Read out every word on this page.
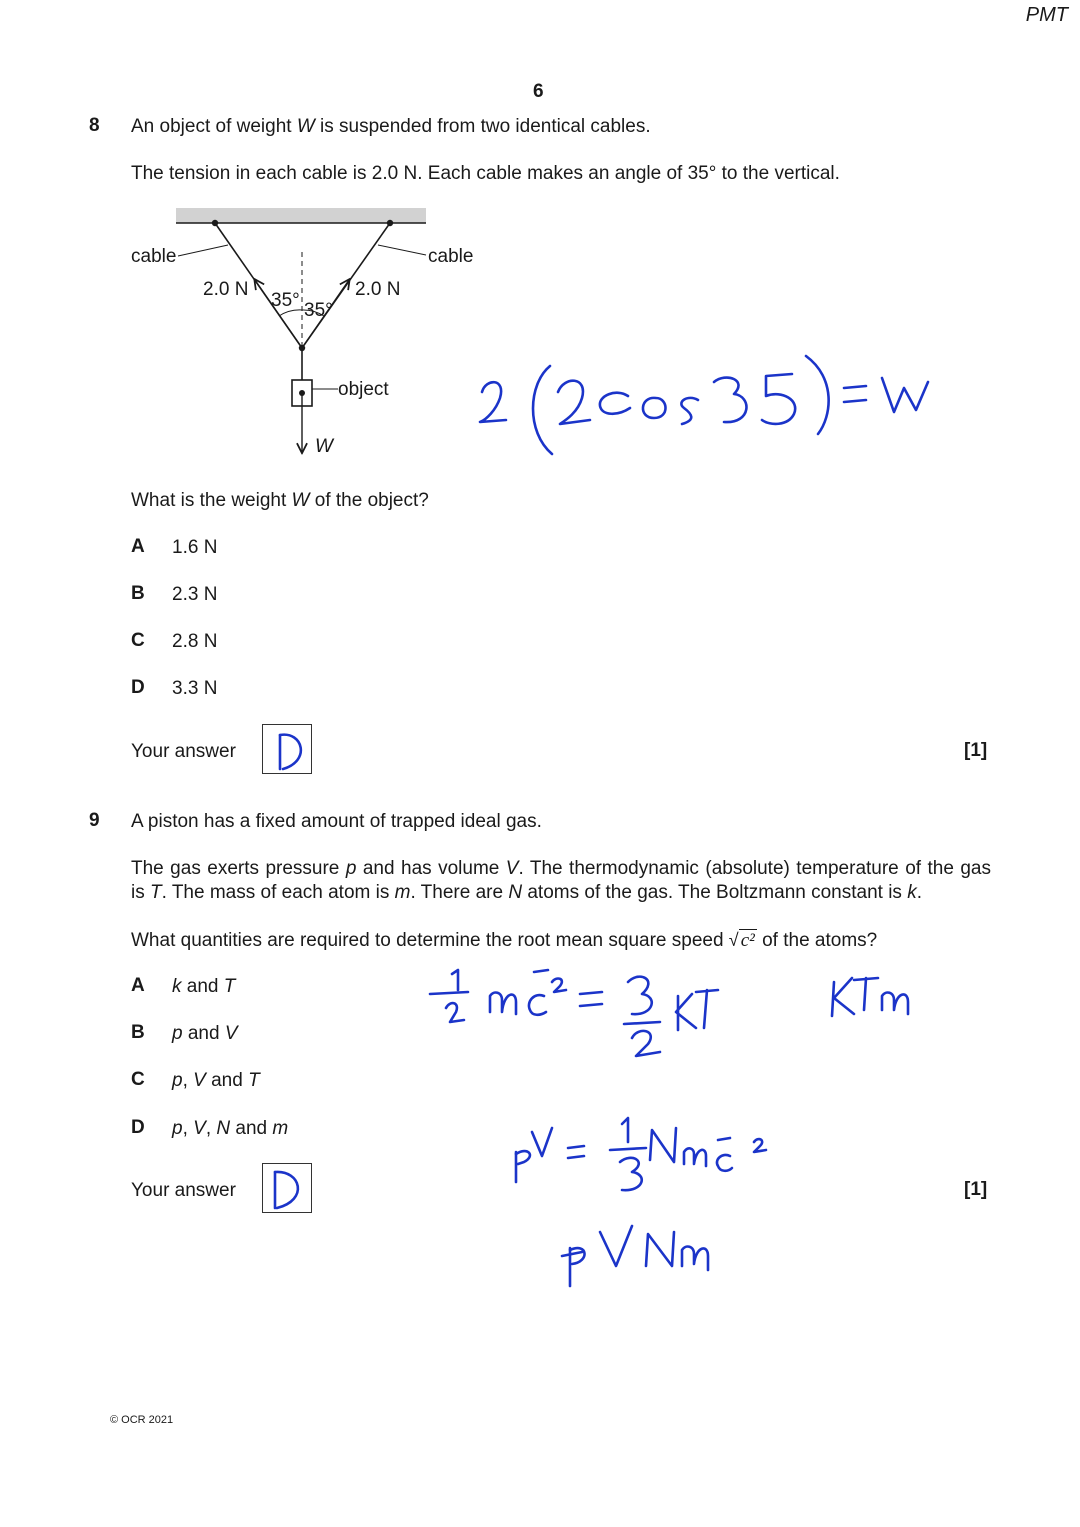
PMT
6
8 An object of weight W is suspended from two identical cables.
The tension in each cable is 2.0 N. Each cable makes an angle of 35° to the vertical.
cable	cable
2.0 N	2.0 N
35° 35°
object
W
What is the weight W of the object?
A 1.6 N
B 2.3 N
C 2.8 N
D 3.3 N
Your answer	[1]
9 A piston has a fixed amount of trapped ideal gas.
The gas exerts pressure p and has volume V. The thermodynamic (absolute) temperature of the gas is T. The mass of each atom is m. There are N atoms of the gas. The Boltzmann constant is k.
What quantities are required to determine the root mean square speed √ c² of the atoms?
A k and T
B p and V
C p, V and T
D p, V, N and m
Your answer	[1]
© OCR 2021
